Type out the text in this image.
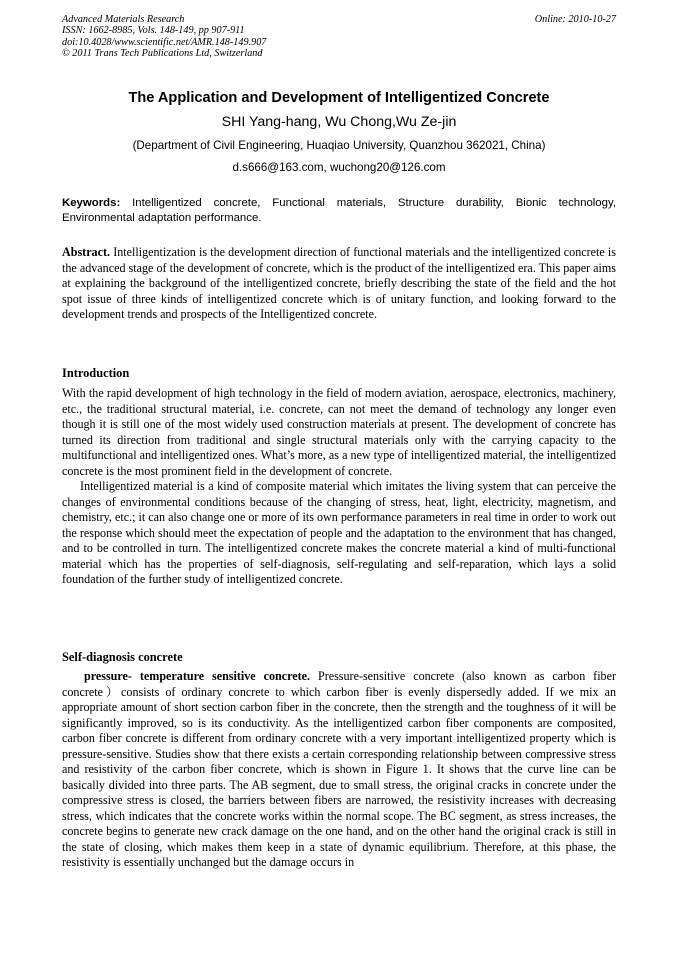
Advanced Materials Research
ISSN: 1662-8985, Vols. 148-149, pp 907-911
doi:10.4028/www.scientific.net/AMR.148-149.907
© 2011 Trans Tech Publications Ltd, Switzerland
Online: 2010-10-27
The Application and Development of Intelligentized Concrete
SHI Yang-hang, Wu Chong,Wu Ze-jin
(Department of Civil Engineering, Huaqiao University, Quanzhou 362021, China)
d.s666@163.com, wuchong20@126.com
Keywords: Intelligentized concrete, Functional materials, Structure durability, Bionic technology, Environmental adaptation performance.

Abstract. Intelligentization is the development direction of functional materials and the intelligentized concrete is the advanced stage of the development of concrete, which is the product of the intelligentized era. This paper aims at explaining the background of the intelligentized concrete, briefly describing the state of the field and the hot spot issue of three kinds of intelligentized concrete which is of unitary function, and looking forward to the development trends and prospects of the Intelligentized concrete.

Introduction

With the rapid development of high technology in the field of modern aviation, aerospace, electronics, machinery, etc., the traditional structural material, i.e. concrete, can not meet the demand of technology any longer even though it is still one of the most widely used construction materials at present. The development of concrete has turned its direction from traditional and single structural materials only with the carrying capacity to the multifunctional and intelligentized ones. What’s more, as a new type of intelligentized material, the intelligentized concrete is the most prominent field in the development of concrete.

Intelligentized material is a kind of composite material which imitates the living system that can perceive the changes of environmental conditions because of the changing of stress, heat, light, electricity, magnetism, and chemistry, etc.; it can also change one or more of its own performance parameters in real time in order to work out the response which should meet the expectation of people and the adaptation to the environment that has changed, and to be controlled in turn. The intelligentized concrete makes the concrete material a kind of multi-functional material which has the properties of self-diagnosis, self-regulating and self-reparation, which lays a solid foundation of the further study of intelligentized concrete.

Self-diagnosis concrete

pressure- temperature sensitive concrete. Pressure-sensitive concrete (also known as carbon fiber concrete）consists of ordinary concrete to which carbon fiber is evenly dispersedly added. If we mix an appropriate amount of short section carbon fiber in the concrete, then the strength and the toughness of it will be significantly improved, so is its conductivity. As the intelligentized carbon fiber components are composited, carbon fiber concrete is different from ordinary concrete with a very important intelligentized property which is pressure-sensitive. Studies show that there exists a certain corresponding relationship between compressive stress and resistivity of the carbon fiber concrete, which is shown in Figure 1. It shows that the curve line can be basically divided into three parts. The AB segment, due to small stress, the original cracks in concrete under the compressive stress is closed, the barriers between fibers are narrowed, the resistivity increases with decreasing stress, which indicates that the concrete works within the normal scope. The BC segment, as stress increases, the concrete begins to generate new crack damage on the one hand, and on the other hand the original crack is still in the state of closing, which makes them keep in a state of dynamic equilibrium. Therefore, at this phase, the resistivity is essentially unchanged but the damage occurs in
